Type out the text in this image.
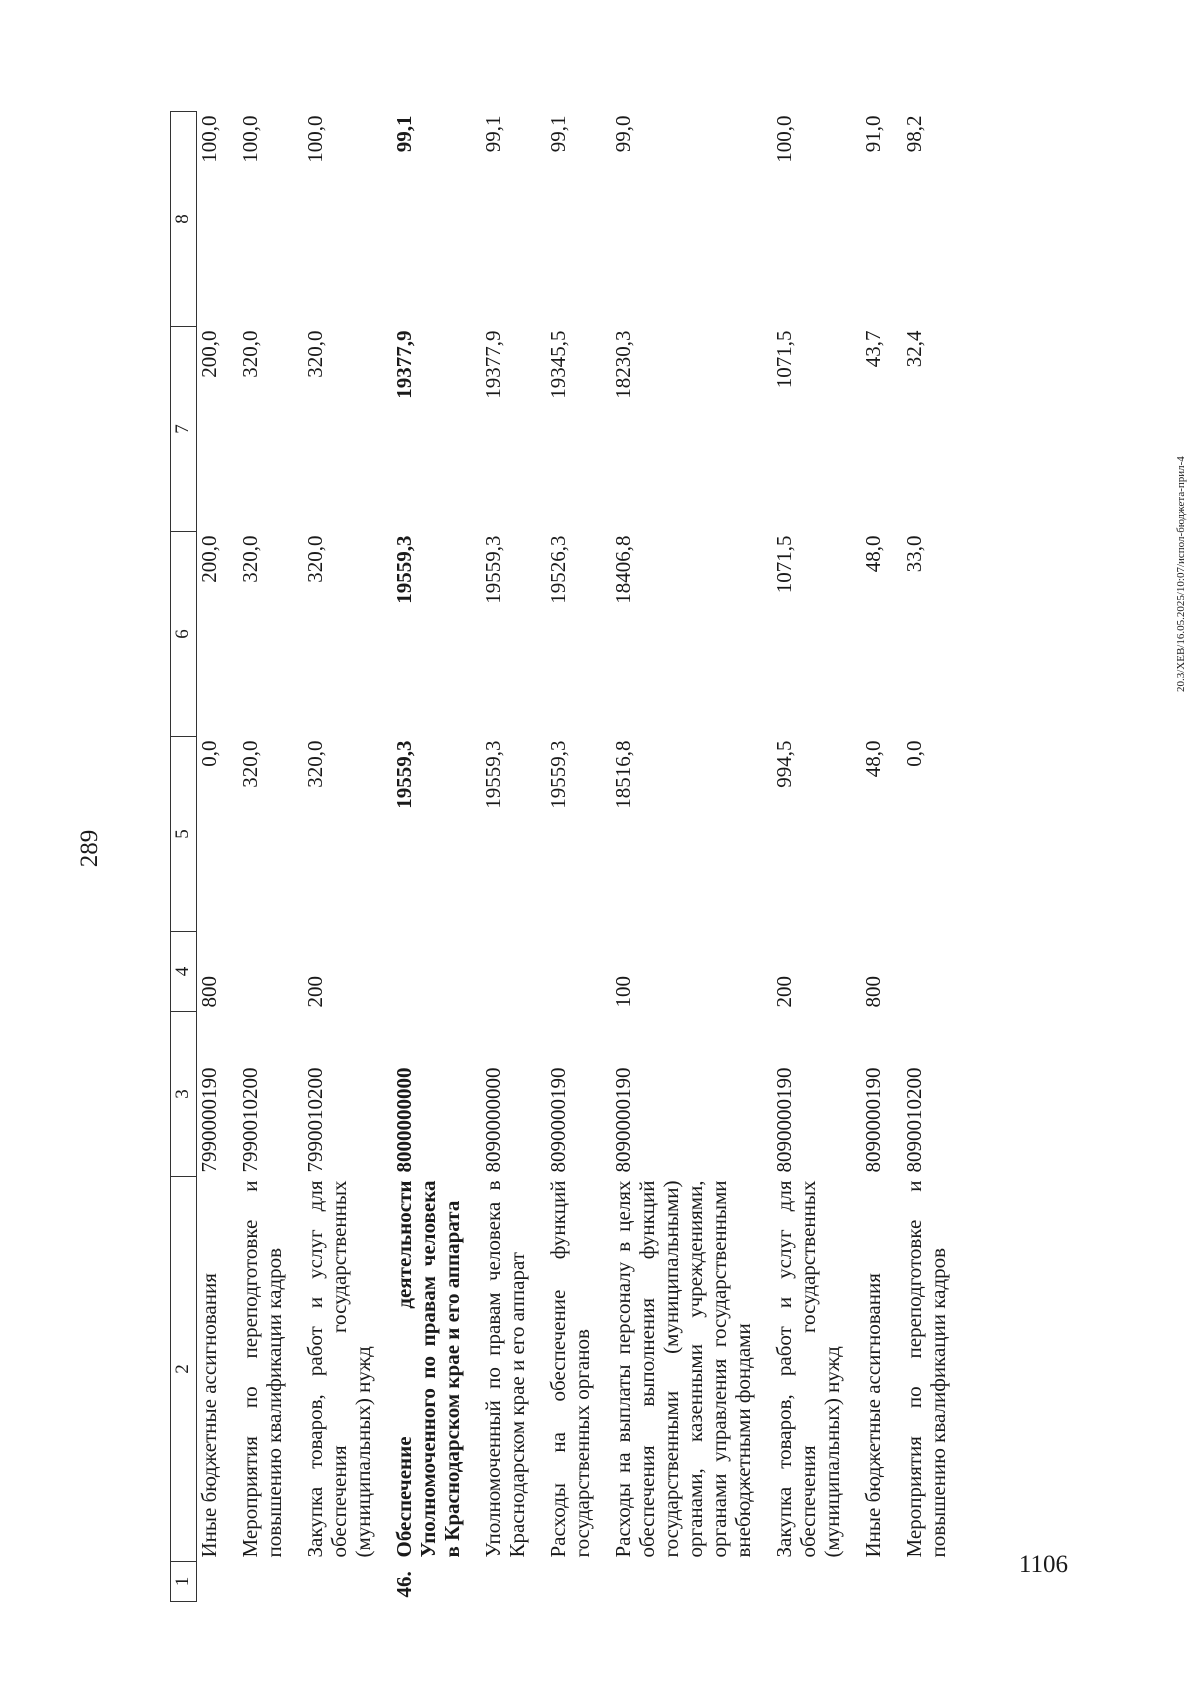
289
1	2	3	4	5	6	7	8
	Иные бюджетные ассигнования	7990000190	800	0,0	200,0	200,0	100,0
	Мероприятия по переподготовке и повышению квалификации кадров	7990010200		320,0	320,0	320,0	100,0
	Закупка товаров, работ и услуг для обеспечения государственных (муниципальных) нужд	7990010200	200	320,0	320,0	320,0	100,0
46.	Обеспечение деятельности Уполномоченного по правам человека в Краснодарском крае и его аппарата	8000000000		19559,3	19559,3	19377,9	99,1
	Уполномоченный по правам человека в Краснодарском крае и его аппарат	8090000000		19559,3	19559,3	19377,9	99,1
	Расходы на обеспечение функций государственных органов	8090000190		19559,3	19526,3	19345,5	99,1
	Расходы на выплаты персоналу в целях обеспечения выполнения функций государственными (муниципальными) органами, казенными учреждениями, органами управления государственными внебюджетными фондами	8090000190	100	18516,8	18406,8	18230,3	99,0
	Закупка товаров, работ и услуг для обеспечения государственных (муниципальных) нужд	8090000190	200	994,5	1071,5	1071,5	100,0
	Иные бюджетные ассигнования	8090000190	800	48,0	48,0	43,7	91,0
	Мероприятия по переподготовке и повышению квалификации кадров	8090010200		0,0	33,0	32,4	98,2
20.3/ХЕВ/16.05.2025/10:07/испол-бюджета-прил-4
1106
